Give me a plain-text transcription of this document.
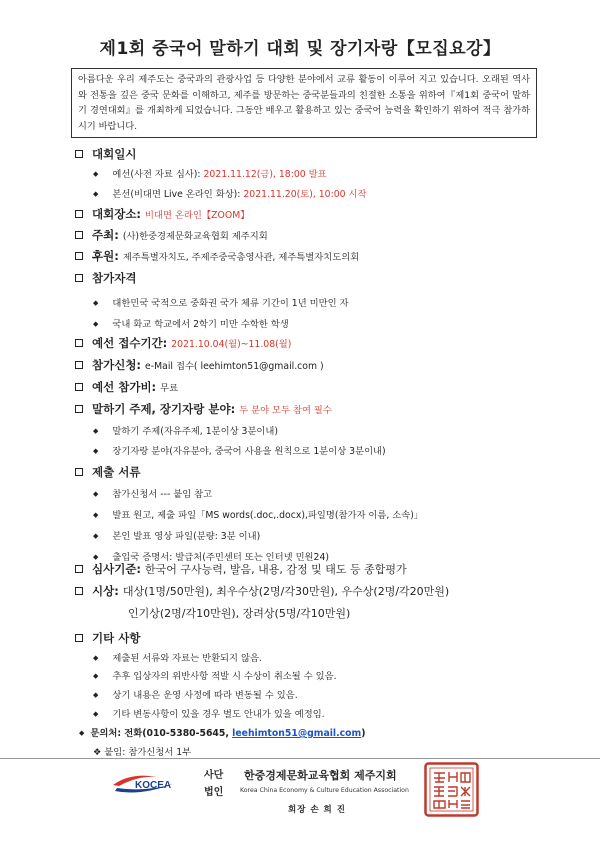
제1회 중국어 말하기 대회 및 장기자랑【모집요강】
아름다운 우리 제주도는 중국과의 관광사업 등 다양한 분야에서 교류 활동이 이루어 지고 있습니다. 오래된 역사와 전통을 깊은 중국 문화를 이해하고, 제주를 방문하는 중국분들과의 친절한 소통을 위하여『제1회 중국어 말하기 경연대회』를 개최하게 되었습니다. 그동안 배우고 활용하고 있는 중국어 능력을 확인하기 위하여 적극 참가하시기 바랍니다.
대회일시
◆ 예선(사전 자료 심사): 2021.11.12(금), 18:00 발표
◆ 본선(비대면 Live 온라인 화상): 2021.11.20(토), 10:00 시작
대회장소: 비대면 온라인【ZOOM】
주최: (사)한중경제문화교육협회 제주지회
후원: 제주특별자치도, 주제주중국총영사관, 제주특별자치도의회
참가자격
◆ 대한민국 국적으로 중화권 국가 체류 기간이 1년 미만인 자
◆ 국내 화교 학교에서 2학기 미만 수학한 학생
예선 접수기간: 2021.10.04(월)~11.08(월)
참가신청: e-Mail 접수( leehimton51@gmail.com )
예선 참가비: 무료
말하기 주제, 장기자랑 분야: 두 분야 모두 참여 필수
◆ 말하기 주제(자유주제, 1분이상 3분이내)
◆ 장기자랑 분야(자유분야, 중국어 사용을 원칙으로 1분이상 3분이내)
제출 서류
◆ 참가신청서 --- 붙임 참고
◆ 발표 원고, 제출 파일「MS words(.doc,.docx),파일명(참가자 이름, 소속)」
◆ 본인 발표 영상 파일(분량: 3분 이내)
◆ 출입국 증명서: 발급처(주민센터 또는 인터넷 민원24)
심사기준: 한국어 구사능력, 발음, 내용, 감정 및 태도 등 종합평가
시상: 대상(1명/50만원), 최우수상(2명/각30만원), 우수상(2명/각20만원)
인기상(2명/각10만원), 장려상(5명/각10만원)
기타 사항
◆ 제출된 서류와 자료는 반환되지 않음.
◆ 추후 입상자의 위반사항 적발 시 수상이 취소될 수 있음.
◆ 상기 내용은 운영 사정에 따라 변동될 수 있음.
◆ 기타 변동사항이 있을 경우 별도 안내가 있을 예정임.
◆ 문의처: 전화(010-5380-5645, leehimton51@gmail.com)
❖ 붙임: 참가신청서 1부
KOCEA
사단
법인
한중경제문화교육협회 제주지회
Korea China Economy & Culture Education Association
회장 손 희 진
